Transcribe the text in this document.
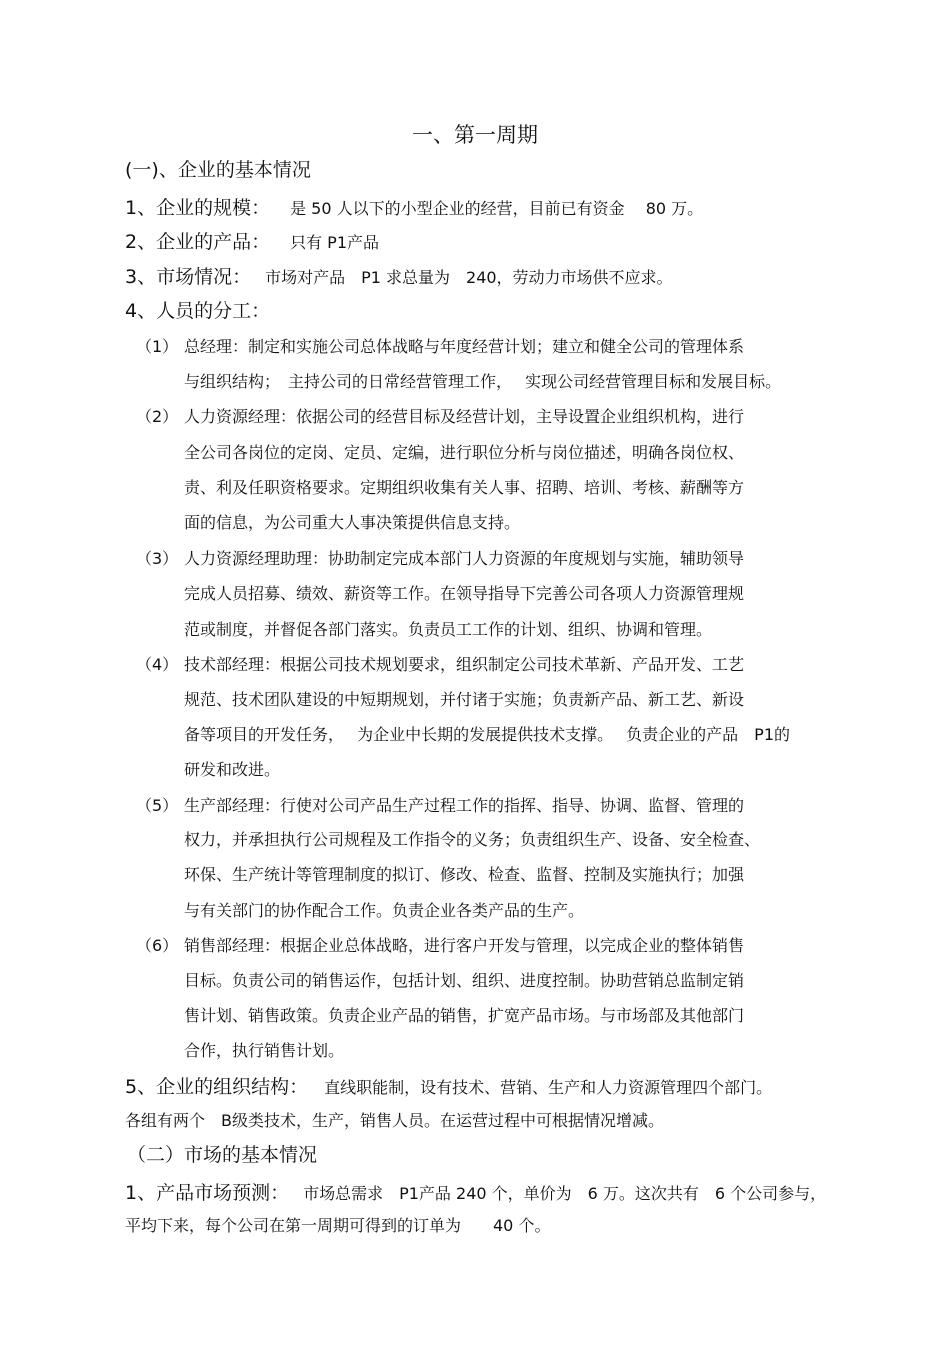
一、第一周期
(一)、企业的基本情况
1、企业的规模： 是 50 人以下的小型企业的经营，目前已有资金　 80 万。
2、企业的产品： 只有 P1产品
3、市场情况： 市场对产品　P1 求总量为　240，劳动力市场供不应求。
4、人员的分工：
（1） 总经理：制定和实施公司总体战略与年度经营计划；建立和健全公司的管理体系
与组织结构；　主持公司的日常经营管理工作，　 实现公司经营管理目标和发展目标。
（2） 人力资源经理：依据公司的经营目标及经营计划，主导设置企业组织机构，进行
全公司各岗位的定岗、定员、定编，进行职位分析与岗位描述，明确各岗位权、
责、利及任职资格要求。定期组织收集有关人事、招聘、培训、考核、薪酬等方
面的信息，为公司重大人事决策提供信息支持。
（3） 人力资源经理助理：协助制定完成本部门人力资源的年度规划与实施，辅助领导
完成人员招募、绩效、薪资等工作。在领导指导下完善公司各项人力资源管理规
范或制度，并督促各部门落实。负责员工工作的计划、组织、协调和管理。
（4） 技术部经理：根据公司技术规划要求，组织制定公司技术革新、产品开发、工艺
规范、技术团队建设的中短期规划，并付诸于实施；负责新产品、新工艺、新设
备等项目的开发任务，　 为企业中长期的发展提供技术支撑。　 负责企业的产品　P1的
研发和改进。
（5） 生产部经理：行使对公司产品生产过程工作的指挥、指导、协调、监督、管理的
权力，并承担执行公司规程及工作指令的义务；负责组织生产、设备、安全检查、
环保、生产统计等管理制度的拟订、修改、检查、监督、控制及实施执行；加强
与有关部门的协作配合工作。负责企业各类产品的生产。
（6） 销售部经理：根据企业总体战略，进行客户开发与管理，以完成企业的整体销售
目标。负责公司的销售运作，包括计划、组织、进度控制。协助营销总监制定销
售计划、销售政策。负责企业产品的销售，扩宽产品市场。与市场部及其他部门
合作，执行销售计划。
5、企业的组织结构： 直线职能制，设有技术、营销、生产和人力资源管理四个部门。
各组有两个　B级类技术，生产，销售人员。在运营过程中可根据情况增减。
（二）市场的基本情况
1、产品市场预测： 市场总需求　P1产品 240 个，单价为　6 万。这次共有　6 个公司参与，
平均下来，每个公司在第一周期可得到的订单为　　40 个。
